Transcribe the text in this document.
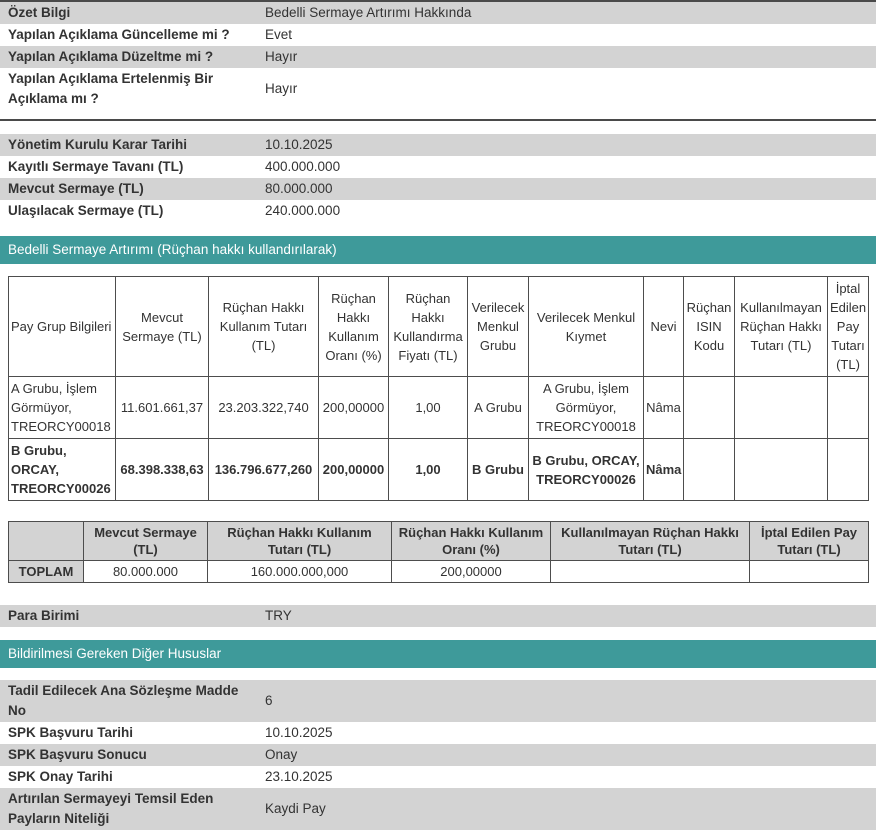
Özet Bilgi	Bedelli Sermaye Artırımı Hakkında
Yapılan Açıklama Güncelleme mi ?	Evet
Yapılan Açıklama Düzeltme mi ?	Hayır
Yapılan Açıklama Ertelenmiş Bir Açıklama mı ?
Hayır
Yönetim Kurulu Karar Tarihi	10.10.2025
Kayıtlı Sermaye Tavanı (TL)	400.000.000
Mevcut Sermaye (TL)	80.000.000
Ulaşılacak Sermaye (TL)	240.000.000
Bedelli Sermaye Artırımı (Rüçhan hakkı kullandırılarak)
Pay Grup Bilgileri	Mevcut Sermaye (TL)	Rüçhan Hakkı Kullanım Tutarı (TL)	Rüçhan Hakkı Kullanım Oranı (%)	Rüçhan Hakkı Kullandırma Fiyatı (TL)	Verilecek Menkul Grubu	Verilecek Menkul Kıymet	Nevi	Rüçhan ISIN Kodu	Kullanılmayan Rüçhan Hakkı Tutarı (TL)	İptal Edilen Pay Tutarı (TL)
A Grubu, İşlem Görmüyor, TREORCY00018	11.601.661,37	23.203.322,740	200,00000	1,00	A Grubu	A Grubu, İşlem Görmüyor, TREORCY00018	Nâma			
B Grubu, ORCAY, TREORCY00026	68.398.338,63	136.796.677,260	200,00000	1,00	B Grubu	B Grubu, ORCAY, TREORCY00026	Nâma			
	Mevcut Sermaye (TL)	Rüçhan Hakkı Kullanım Tutarı (TL)	Rüçhan Hakkı Kullanım Oranı (%)	Kullanılmayan Rüçhan Hakkı Tutarı (TL)	İptal Edilen Pay Tutarı (TL)
TOPLAM	80.000.000	160.000.000,000	200,00000		
Para Birimi	TRY
Bildirilmesi Gereken Diğer Hususlar
Tadil Edilecek Ana Sözleşme Madde No
6
SPK Başvuru Tarihi	10.10.2025
SPK Başvuru Sonucu	Onay
SPK Onay Tarihi	23.10.2025
Artırılan Sermayeyi Temsil Eden Payların Niteliği
Kaydi Pay
